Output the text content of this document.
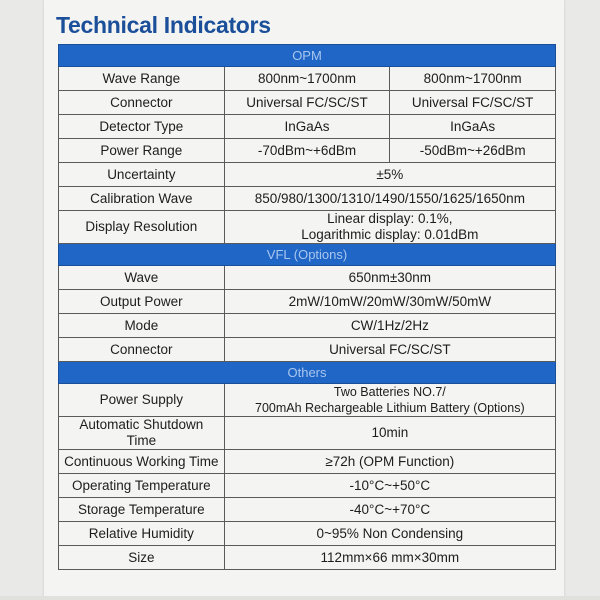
Technical Indicators
OPM		
Wave Range	800nm~1700nm	800nm~1700nm
Connector	Universal FC/SC/ST	Universal FC/SC/ST
Detector Type	InGaAs	InGaAs
Power Range	-70dBm~+6dBm	-50dBm~+26dBm
Uncertainty	±5%	
Calibration Wave	850/980/1300/1310/1490/1550/1625/1650nm	
Display Resolution	Linear display: 0.1%,
Logarithmic display: 0.01dBm	

VFL (Options)		
Wave	650nm±30nm	
Output Power	2mW/10mW/20mW/30mW/50mW	
Mode	CW/1Hz/2Hz	
Connector	Universal FC/SC/ST	
Others		
Power Supply	Two Batteries NO.7/
700mAh Rechargeable Lithium Battery (Options)	

Automatic Shutdown Time	10min	
Continuous Working Time	≥72h (OPM Function)	
Operating Temperature	-10°C~+50°C	
Storage Temperature	-40°C~+70°C	
Relative Humidity	0~95% Non Condensing	
Size	112mm×66 mm×30mm	
